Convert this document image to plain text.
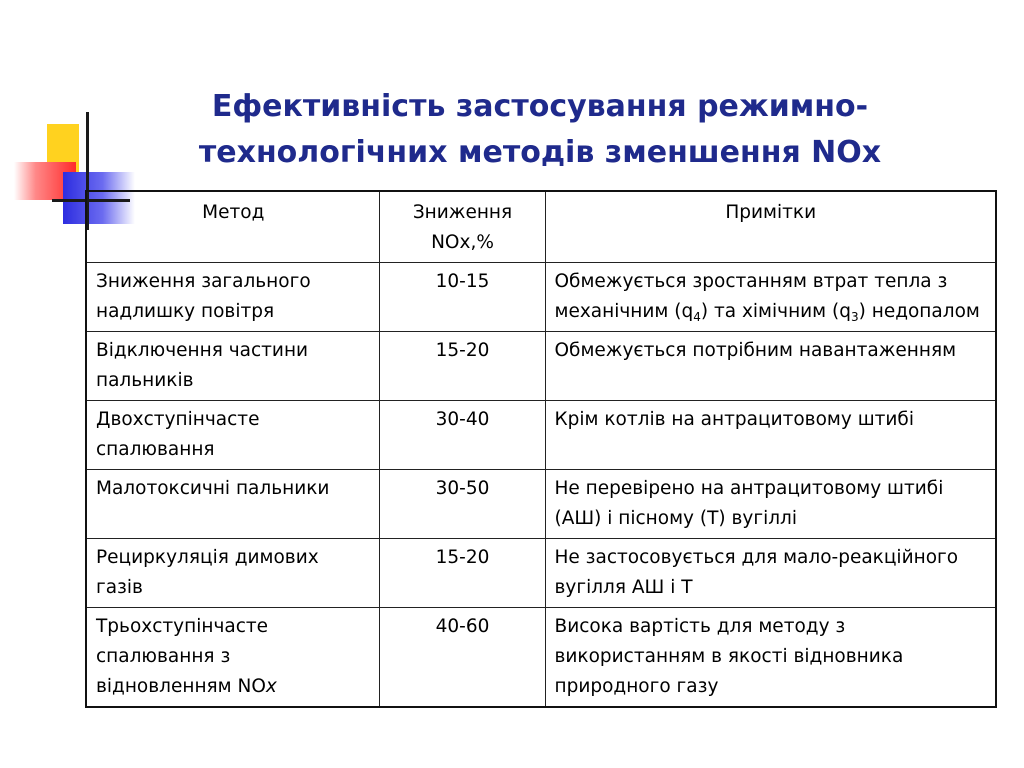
Ефективність застосування режимно-
технологічних методів зменшення NOx
Метод	Зниження NOx,%	Примітки
Зниження загального надлишку повітря	10-15	Обмежується зростанням втрат тепла з механічним $(q_4)$ та хімічним $(q_3)$ недопалом
Відключення частини пальників	15-20	Обмежується потрібним навантаженням
Двохступінчасте спалювання	30-40	Крім котлів на антрацитовому штибі
Малотоксичні пальники	30-50	Не перевірено на антрацитовому штибі (АШ) і пісному (Т) вугіллі
Рециркуляція димових газів	15-20	Не застосовується для мало-реакційного вугілля АШ і Т
Трьохступінчасте спалювання з відновленням NOx	40-60	Висока вартість для методу з використанням в якості відновника природного газу
